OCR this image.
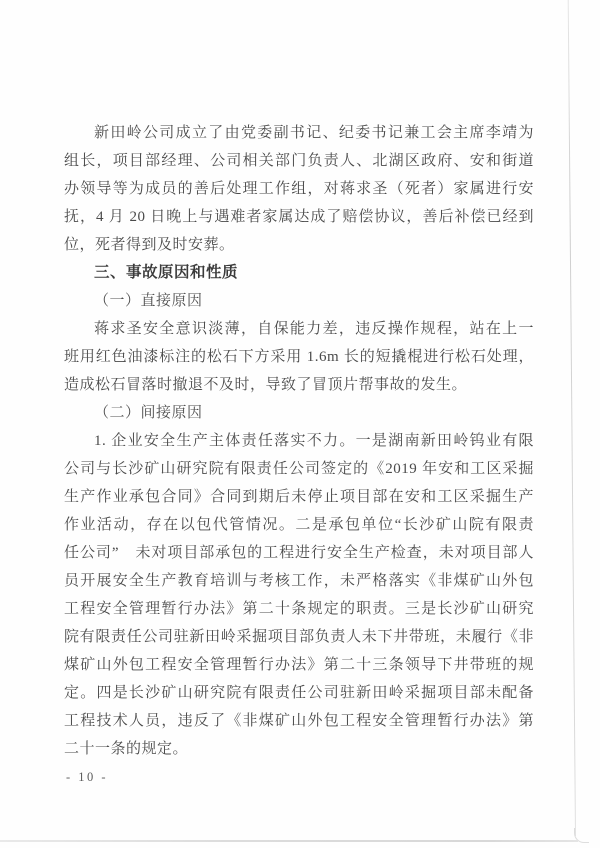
新田岭公司成立了由党委副书记、纪委书记兼工会主席李靖为
组长，项目部经理、公司相关部门负责人、北湖区政府、安和街道
办领导等为成员的善后处理工作组，对蒋求圣（死者）家属进行安
抚，4 月 20 日晚上与遇难者家属达成了赔偿协议，善后补偿已经到
位，死者得到及时安葬。
三、事故原因和性质
（一）直接原因
蒋求圣安全意识淡薄，自保能力差，违反操作规程，站在上一
班用红色油漆标注的松石下方采用 1.6m 长的短撬棍进行松石处理，
造成松石冒落时撤退不及时，导致了冒顶片帮事故的发生。
（二）间接原因
1. 企业安全生产主体责任落实不力。一是湖南新田岭钨业有限
公司与长沙矿山研究院有限责任公司签定的《2019 年安和工区采掘
生产作业承包合同》合同到期后未停止项目部在安和工区采掘生产
作业活动，存在以包代管情况。二是承包单位“长沙矿山院有限责
任公司”　未对项目部承包的工程进行安全生产检查，未对项目部人
员开展安全生产教育培训与考核工作，未严格落实《非煤矿山外包
工程安全管理暂行办法》第二十条规定的职责。三是长沙矿山研究
院有限责任公司驻新田岭采掘项目部负责人未下井带班，未履行《非
煤矿山外包工程安全管理暂行办法》第二十三条领导下井带班的规
定。四是长沙矿山研究院有限责任公司驻新田岭采掘项目部未配备
工程技术人员，违反了《非煤矿山外包工程安全管理暂行办法》第
二十一条的规定。
- 10 -
